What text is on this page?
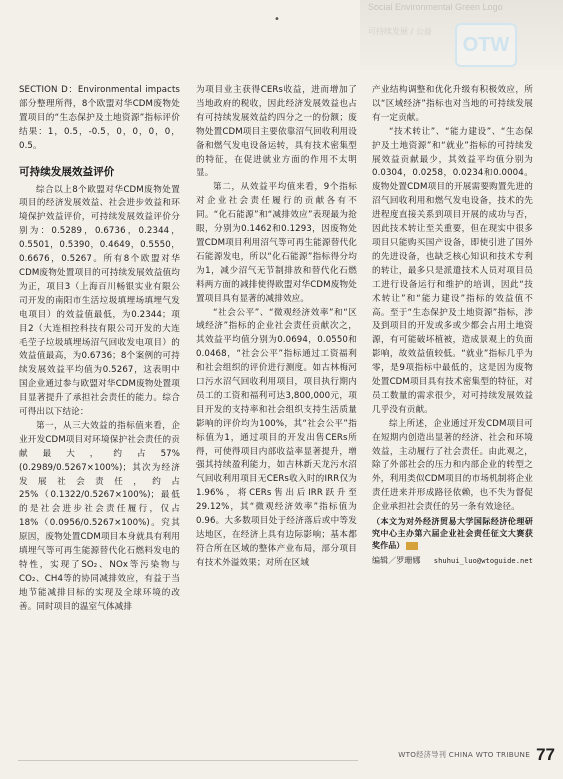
•
Social Environmental Green Logo
可持续发展 / 公益
OTW

SECTION D：Environmental impacts 部分整理所得，8个欧盟对华CDM废物处置项目的“生态保护及土地资源”指标评价结果：1，0.5，-0.5，0，0，0，0，0.5。

可持续发展效益评价

综合以上8个欧盟对华CDM废物处置项目的经济发展效益、社会进步效益和环境保护效益评价，可持续发展效益评价分别为：0.5289，0.6736，0.2344，0.5501，0.5390，0.4649，0.5550，0.6676，0.5267。所有8个欧盟对华CDM废物处置项目的可持续发展效益值均为正，项目3（上海百川畅银实业有限公司开发的南阳市生活垃圾填埋场填埋气发电项目）的效益值最低，为0.2344；项目2（大连相控科技有限公司开发的大连毛茔子垃圾填埋场沼气回收发电项目）的效益值最高，为0.6736；8个案例的可持续发展效益平均值为0.5267，这表明中国企业通过参与欧盟对华CDM废物处置项目显著提升了承担社会责任的能力。综合可得出以下结论：

第一，从三大效益的指标值来看，企业开发CDM项目对环境保护社会责任的贡献最大，约占57%(0.2989/0.5267×100%)；其次为经济发展社会责任，约占25%（0.1322/0.5267×100%)；最低的是社会进步社会责任履行，仅占18%（0.0956/0.5267×100%)。究其原因，废物处置CDM项目本身就具有利用填埋气等可再生能源替代化石燃料发电的特性，实现了SO₂、NOx等污染物与CO₂、CH4等的协同减排效应，有益于当地节能减排目标的实现及全球环境的改善。同时项目的温室气体减排

为项目业主获得CERs收益，进而增加了当地政府的税收，因此经济发展效益也占有可持续发展效益约四分之一的份额；废物处置CDM项目主要依靠沼气回收利用设备和燃气发电设备运转，具有技术密集型的特征，在促进就业方面的作用不太明显。

第二，从效益平均值来看，9个指标对企业社会责任履行的贡献各有不同。“化石能源”和“减排效应”表现最为抢眼，分别为0.1462和0.1293，因废物处置CDM项目利用沼气等可再生能源替代化石能源发电，所以“化石能源”指标得分均为1，减少沼气无节制排放和替代化石燃料两方面的减排使得欧盟对华CDM废物处置项目具有显著的减排效应。

“社会公平”、“微观经济效率”和“区域经济”指标的企业社会责任贡献次之，其效益平均值分别为0.0694，0.0550和0.0468，“社会公平”指标通过工资福利和社会组织的评价进行测度。如古林梅河口污水沼气回收利用项目，项目执行期内员工的工资和福利可达3,800,000元，项目开发的支持率和社会组织支持生活质量影响的评价均为100%，其“社会公平”指标值为1，通过项目的开发出售CERs所得，可使得项目内部收益率显著提升，增强其持续盈利能力，如吉林新天龙污水沼气回收利用项目无CERs收入时的IRR仅为1.96%，将CERs售出后IRR跃升至29.12%，其“微观经济效率”指标值为0.96。大多数项目处于经济落后或中等发达地区，在经济上具有边际影响；基本都符合所在区域的整体产业布局，部分项目有技术外溢效果；对所在区域

产业结构调整和优化升级有积极效应，所以“区域经济”指标也对当地的可持续发展有一定贡献。

“技术转让”、“能力建设”、“生态保护及土地资源”和“就业”指标的可持续发展效益贡献最少，其效益平均值分别为0.0304，0.0258，0.0234和0.0004。废物处置CDM项目的开展需要购置先进的沼气回收利用和燃气发电设备，技术的先进程度直接关系到项目开展的成功与否，因此技术转让至关重要，但在现实中很多项目只能购买国产设备，即使引进了国外的先进设备，也缺乏核心知识和技术专利的转让，最多只是派遣技术人员对项目员工进行设备运行和维护的培训，因此“技术转让”和“能力建设”指标的效益值不高。至于“生态保护及土地资源”指标，涉及到项目的开发或多或少都会占用土地资源，有可能破坏植被，造成景观上的负面影响，故效益值较低。“就业”指标几乎为零，是9项指标中最低的，这是因为废物处置CDM项目具有技术密集型的特征，对员工数量的需求很少，对可持续发展效益几乎没有贡献。

综上所述，企业通过开发CDM项目可在短期内创造出显著的经济、社会和环境效益，主动履行了社会责任。由此观之，除了外部社会的压力和内部企业的转型之外，利用类似CDM项目的市场机制将企业责任进来并形成路径依赖，也不失为督促企业承担社会责任的另一条有效途径。

（本文为对外经济贸易大学国际经济伦理研究中心主办第六届企业社会责任征文大赛获奖作品）

编辑／罗珊娜 shuhui_luo@wtoguide.net
WTO经济导刊 CHINA WTO TRIBUNE 77
